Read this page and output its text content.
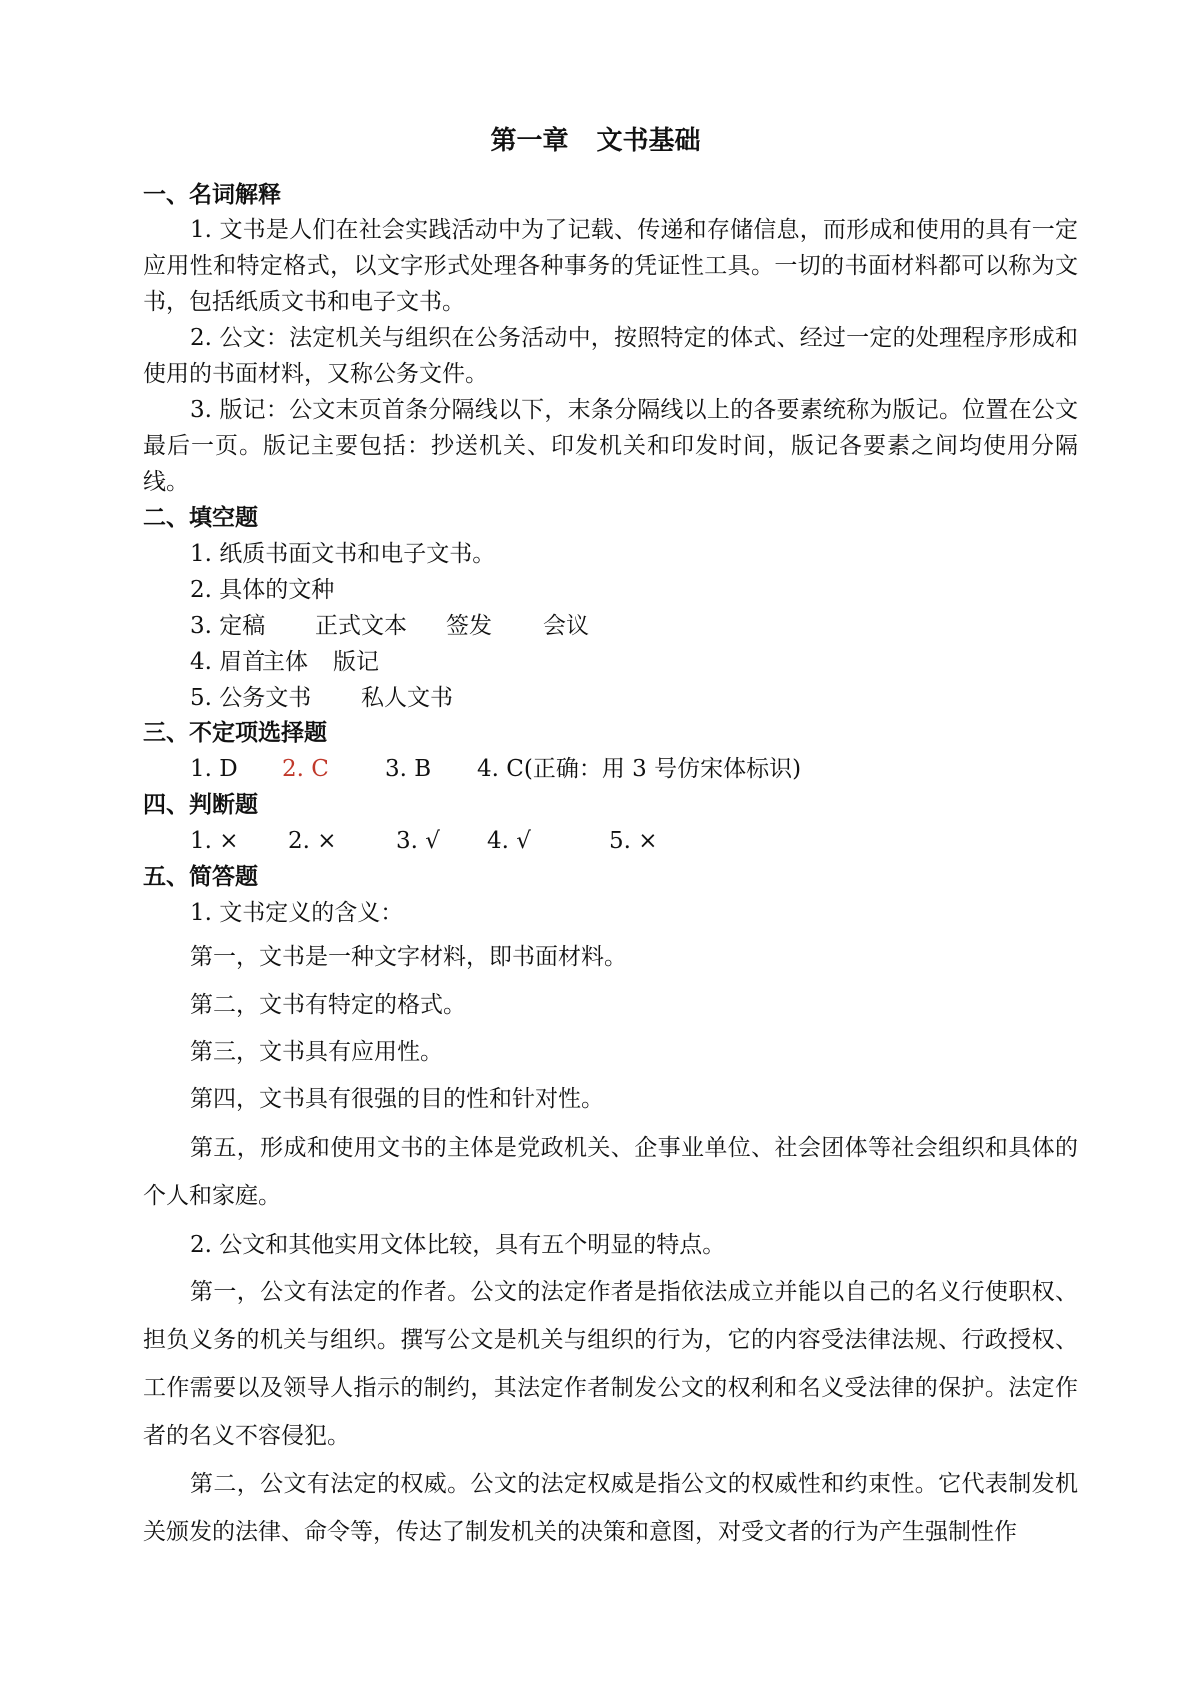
第一章 文书基础
一、名词解释

1. 文书是人们在社会实践活动中为了记载、传递和存储信息，而形成和使用的具有一定应用性和特定格式，以文字形式处理各种事务的凭证性工具。一切的书面材料都可以称为文书，包括纸质文书和电子文书。

2. 公文：法定机关与组织在公务活动中，按照特定的体式、经过一定的处理程序形成和使用的书面材料，又称公务文件。

3. 版记：公文末页首条分隔线以下，末条分隔线以上的各要素统称为版记。位置在公文最后一页。版记主要包括：抄送机关、印发机关和印发时间，版记各要素之间均使用分隔线。

二、填空题
1. 纸质书面文书和电子文书。
2. 具体的文种
3. 定稿 正式文本 签发 会议
4. 眉首主体 版记
5. 公务文书 私人文书
三、不定项选择题
1. D 2. C 3. B 4. C(正确：用 3 号仿宋体标识)
四、判断题
1. × 2. ×	3. √ 4. √	5. ×
五、简答题
1. 文书定义的含义：
第一，文书是一种文字材料，即书面材料。
第二，文书有特定的格式。
第三，文书具有应用性。
第四，文书具有很强的目的性和针对性。

第五，形成和使用文书的主体是党政机关、企事业单位、社会团体等社会组织和具体的个人和家庭。

2. 公文和其他实用文体比较，具有五个明显的特点。

第一，公文有法定的作者。公文的法定作者是指依法成立并能以自己的名义行使职权、担负义务的机关与组织。撰写公文是机关与组织的行为，它的内容受法律法规、行政授权、工作需要以及领导人指示的制约，其法定作者制发公文的权利和名义受法律的保护。法定作者的名义不容侵犯。

第二，公文有法定的权威。公文的法定权威是指公文的权威性和约束性。它代表制发机关颁发的法律、命令等，传达了制发机关的决策和意图，对受文者的行为产生强制性作
